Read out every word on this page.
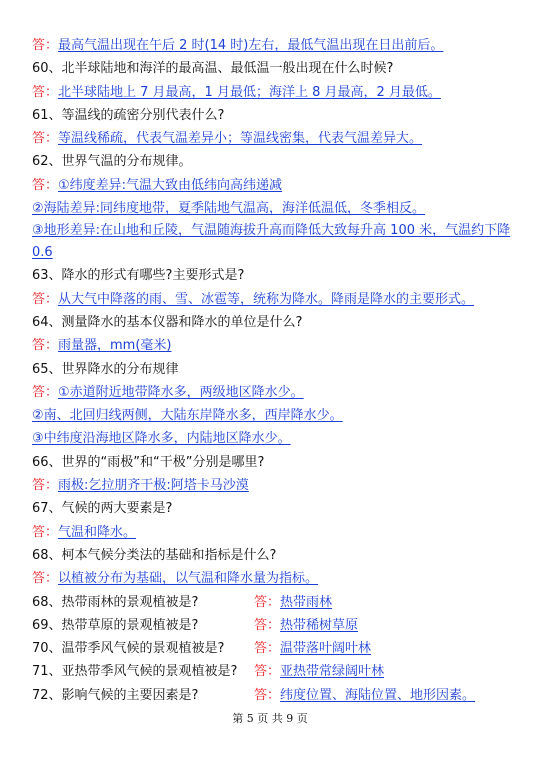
答：最高气温出现在午后 2 时(14 时)左右，最低气温出现在日出前后。
60、北半球陆地和海洋的最高温、最低温一般出现在什么时候?
答：北半球陆地上 7 月最高，1 月最低；海洋上 8 月最高，2 月最低。
61、等温线的疏密分别代表什么?
答：等温线稀疏，代表气温差异小；等温线密集，代表气温差异大。
62、世界气温的分布规律。
答：①纬度差异:气温大致由低纬向高纬递减
②海陆差异:同纬度地带，夏季陆地气温高，海洋低温低，冬季相反。
③地形差异:在山地和丘陵，气温随海拔升高而降低大致每升高 100 米，气温约下降 0.6
63、降水的形式有哪些?主要形式是?
答：从大气中降落的雨、雪、冰雹等，统称为降水。降雨是降水的主要形式。
64、测量降水的基本仪器和降水的单位是什么?
答：雨量器，mm(毫米)
65、世界降水的分布规律
答：①赤道附近地带降水多，两级地区降水少。
②南、北回归线两侧，大陆东岸降水多，西岸降水少。
③中纬度沿海地区降水多，内陆地区降水少。
66、世界的“雨极”和“干极”分别是哪里?
答：雨极:乞拉朋齐干极:阿塔卡马沙漠
67、气候的两大要素是?
答：气温和降水。
68、柯本气候分类法的基础和指标是什么?
答：以植被分布为基础，以气温和降水量为指标。
68、热带雨林的景观植被是?	答：热带雨林
69、热带草原的景观植被是?	答：热带稀树草原
70、温带季风气候的景观植被是?	答：温带落叶阔叶林
71、亚热带季风气候的景观植被是?	答：亚热带常绿阔叶林
72、影响气候的主要因素是?	答：纬度位置、海陆位置、地形因素。
第 5 页 共 9 页
